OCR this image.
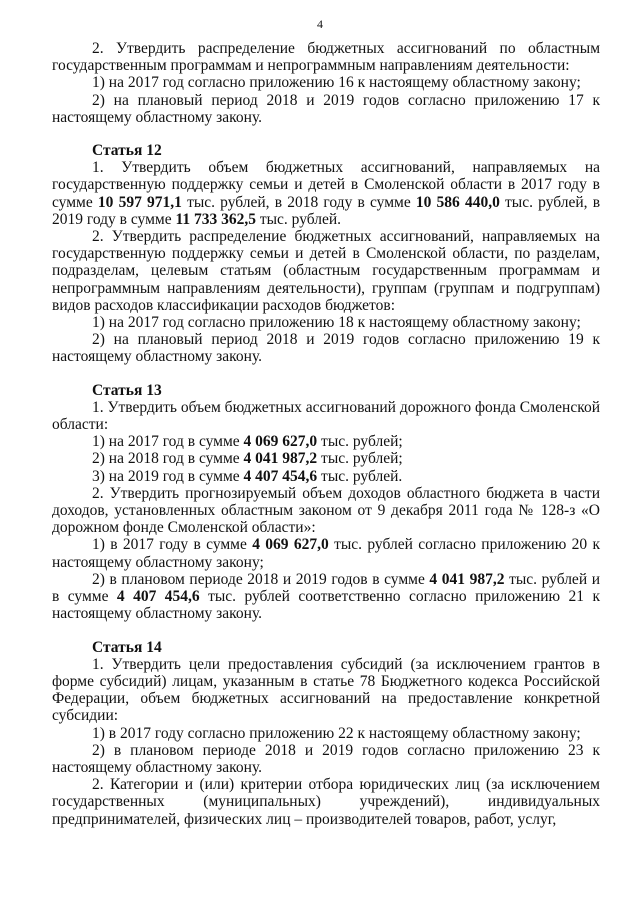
4

2. Утвердить распределение бюджетных ассигнований по областным государственным программам и непрограммным направлениям деятельности:

1) на 2017 год согласно приложению 16 к настоящему областному закону;

2) на плановый период 2018 и 2019 годов согласно приложению 17 к настоящему областному закону.

Статья 12

1. Утвердить объем бюджетных ассигнований, направляемых на государственную поддержку семьи и детей в Смоленской области в 2017 году в сумме 10 597 971,1 тыс. рублей, в 2018 году в сумме 10 586 440,0 тыс. рублей, в 2019 году в сумме 11 733 362,5 тыс. рублей.

2. Утвердить распределение бюджетных ассигнований, направляемых на государственную поддержку семьи и детей в Смоленской области, по разделам, подразделам, целевым статьям (областным государственным программам и непрограммным направлениям деятельности), группам (группам и подгруппам) видов расходов классификации расходов бюджетов:

1) на 2017 год согласно приложению 18 к настоящему областному закону;

2) на плановый период 2018 и 2019 годов согласно приложению 19 к настоящему областному закону.

Статья 13

1. Утвердить объем бюджетных ассигнований дорожного фонда Смоленской области:

1) на 2017 год в сумме 4 069 627,0 тыс. рублей;

2) на 2018 год в сумме 4 041 987,2 тыс. рублей;

3) на 2019 год в сумме 4 407 454,6 тыс. рублей.

2. Утвердить прогнозируемый объем доходов областного бюджета в части доходов, установленных областным законом от 9 декабря 2011 года № 128-з «О дорожном фонде Смоленской области»:

1) в 2017 году в сумме 4 069 627,0 тыс. рублей согласно приложению 20 к настоящему областному закону;

2) в плановом периоде 2018 и 2019 годов в сумме 4 041 987,2 тыс. рублей и в сумме 4 407 454,6 тыс. рублей соответственно согласно приложению 21 к настоящему областному закону.

Статья 14

1. Утвердить цели предоставления субсидий (за исключением грантов в форме субсидий) лицам, указанным в статье 78 Бюджетного кодекса Российской Федерации, объем бюджетных ассигнований на предоставление конкретной субсидии:

1) в 2017 году согласно приложению 22 к настоящему областному закону;

2) в плановом периоде 2018 и 2019 годов согласно приложению 23 к настоящему областному закону.

2. Категории и (или) критерии отбора юридических лиц (за исключением государственных (муниципальных) учреждений), индивидуальных предпринимателей, физических лиц – производителей товаров, работ, услуг,
